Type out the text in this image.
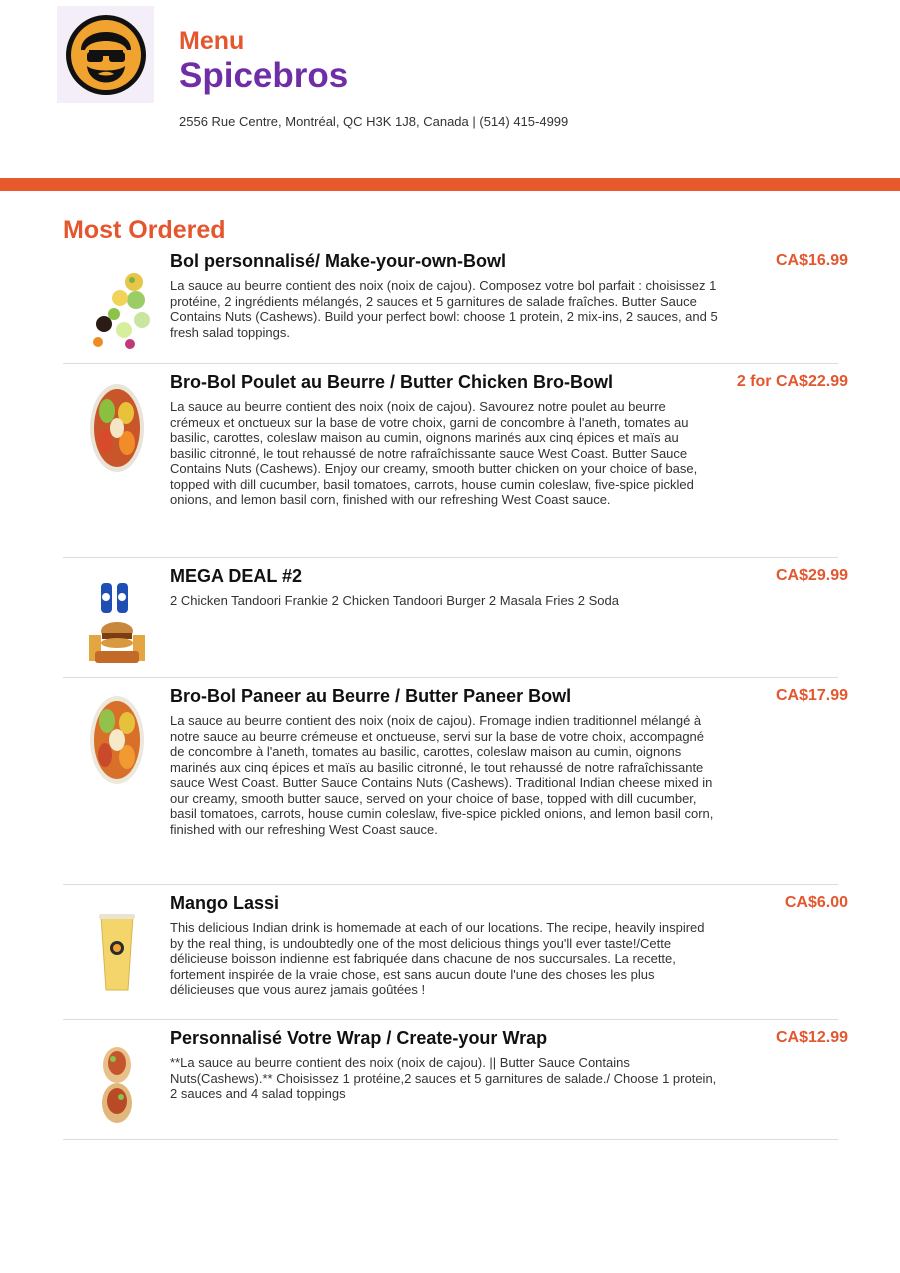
Menu
Spicebros
2556 Rue Centre, Montréal, QC H3K 1J8, Canada | (514) 415-4999
Most Ordered
Bol personnalisé/ Make-your-own-Bowl
La sauce au beurre contient des noix (noix de cajou). Composez votre bol parfait : choisissez 1 protéine, 2 ingrédients mélangés, 2 sauces et 5 garnitures de salade fraîches. Butter Sauce Contains Nuts (Cashews). Build your perfect bowl: choose 1 protein, 2 mix-ins, 2 sauces, and 5 fresh salad toppings.
CA$16.99
Bro-Bol Poulet au Beurre / Butter Chicken Bro-Bowl
La sauce au beurre contient des noix (noix de cajou). Savourez notre poulet au beurre crémeux et onctueux sur la base de votre choix, garni de concombre à l'aneth, tomates au basilic, carottes, coleslaw maison au cumin, oignons marinés aux cinq épices et maïs au basilic citronné, le tout rehaussé de notre rafraîchissante sauce West Coast. Butter Sauce Contains Nuts (Cashews). Enjoy our creamy, smooth butter chicken on your choice of base, topped with dill cucumber, basil tomatoes, carrots, house cumin coleslaw, five-spice pickled onions, and lemon basil corn, finished with our refreshing West Coast sauce.
2 for CA$22.99
MEGA DEAL #2
2 Chicken Tandoori Frankie 2 Chicken Tandoori Burger 2 Masala Fries 2 Soda
CA$29.99
Bro-Bol Paneer au Beurre / Butter Paneer Bowl
La sauce au beurre contient des noix (noix de cajou). Fromage indien traditionnel mélangé à notre sauce au beurre crémeuse et onctueuse, servi sur la base de votre choix, accompagné de concombre à l'aneth, tomates au basilic, carottes, coleslaw maison au cumin, oignons marinés aux cinq épices et maïs au basilic citronné, le tout rehaussé de notre rafraîchissante sauce West Coast. Butter Sauce Contains Nuts (Cashews). Traditional Indian cheese mixed in our creamy, smooth butter sauce, served on your choice of base, topped with dill cucumber, basil tomatoes, carrots, house cumin coleslaw, five-spice pickled onions, and lemon basil corn, finished with our refreshing West Coast sauce.
CA$17.99
Mango Lassi
This delicious Indian drink is homemade at each of our locations. The recipe, heavily inspired by the real thing, is undoubtedly one of the most delicious things you'll ever taste!/Cette délicieuse boisson indienne est fabriquée dans chacune de nos succursales. La recette, fortement inspirée de la vraie chose, est sans aucun doute l'une des choses les plus délicieuses que vous aurez jamais goûtées !
CA$6.00
Personnalisé Votre Wrap / Create-your Wrap
**La sauce au beurre contient des noix (noix de cajou). || Butter Sauce Contains Nuts(Cashews).** Choisissez 1 protéine,2 sauces et 5 garnitures de salade./ Choose 1 protein, 2 sauces and 4 salad toppings
CA$12.99
